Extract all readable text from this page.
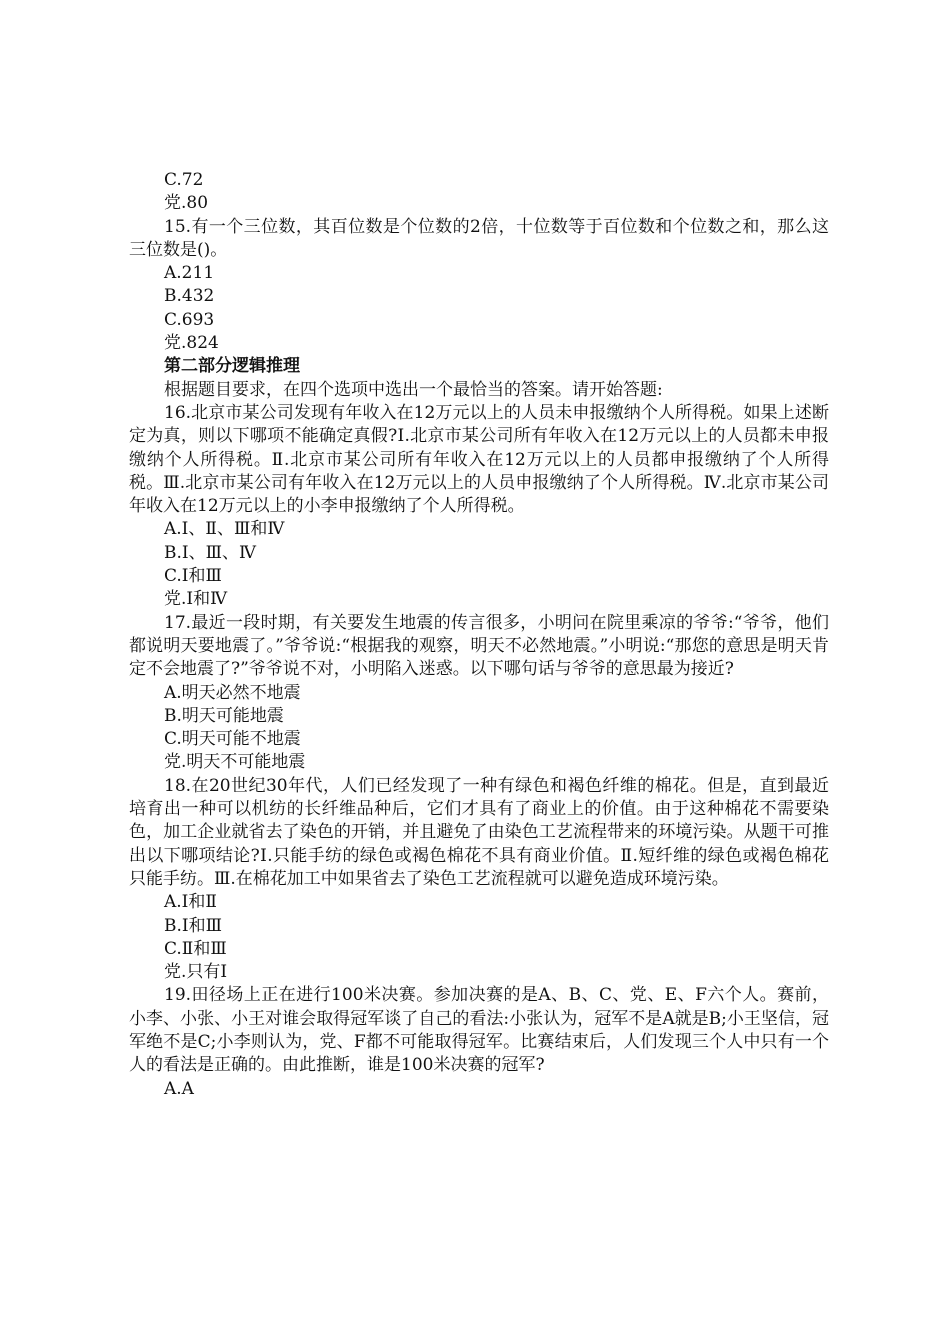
C.72
党.80
15.有一个三位数，其百位数是个位数的2倍，十位数等于百位数和个位数之和，那么这三位数是()。
A.211
B.432
C.693
党.824
第二部分逻辑推理
根据题目要求，在四个选项中选出一个最恰当的答案。请开始答题:
16.北京市某公司发现有年收入在12万元以上的人员未申报缴纳个人所得税。如果上述断定为真，则以下哪项不能确定真假?Ⅰ.北京市某公司所有年收入在12万元以上的人员都未申报缴纳个人所得税。Ⅱ.北京市某公司所有年收入在12万元以上的人员都申报缴纳了个人所得税。Ⅲ.北京市某公司有年收入在12万元以上的人员申报缴纳了个人所得税。Ⅳ.北京市某公司年收入在12万元以上的小李申报缴纳了个人所得税。
A.Ⅰ、Ⅱ、Ⅲ和Ⅳ
B.Ⅰ、Ⅲ、Ⅳ
C.Ⅰ和Ⅲ
党.Ⅰ和Ⅳ
17.最近一段时期，有关要发生地震的传言很多，小明问在院里乘凉的爷爷:“爷爷，他们都说明天要地震了。”爷爷说:“根据我的观察，明天不必然地震。”小明说:“那您的意思是明天肯定不会地震了?”爷爷说不对，小明陷入迷惑。以下哪句话与爷爷的意思最为接近?
A.明天必然不地震
B.明天可能地震
C.明天可能不地震
党.明天不可能地震
18.在20世纪30年代，人们已经发现了一种有绿色和褐色纤维的棉花。但是，直到最近培育出一种可以机纺的长纤维品种后，它们才具有了商业上的价值。由于这种棉花不需要染色，加工企业就省去了染色的开销，并且避免了由染色工艺流程带来的环境污染。从题干可推出以下哪项结论?Ⅰ.只能手纺的绿色或褐色棉花不具有商业价值。Ⅱ.短纤维的绿色或褐色棉花只能手纺。Ⅲ.在棉花加工中如果省去了染色工艺流程就可以避免造成环境污染。
A.Ⅰ和Ⅱ
B.Ⅰ和Ⅲ
C.Ⅱ和Ⅲ
党.只有Ⅰ
19.田径场上正在进行100米决赛。参加决赛的是A、B、C、党、E、F六个人。赛前，小李、小张、小王对谁会取得冠军谈了自己的看法:小张认为，冠军不是A就是B;小王坚信，冠军绝不是C;小李则认为，党、F都不可能取得冠军。比赛结束后，人们发现三个人中只有一个人的看法是正确的。由此推断，谁是100米决赛的冠军?
A.A
